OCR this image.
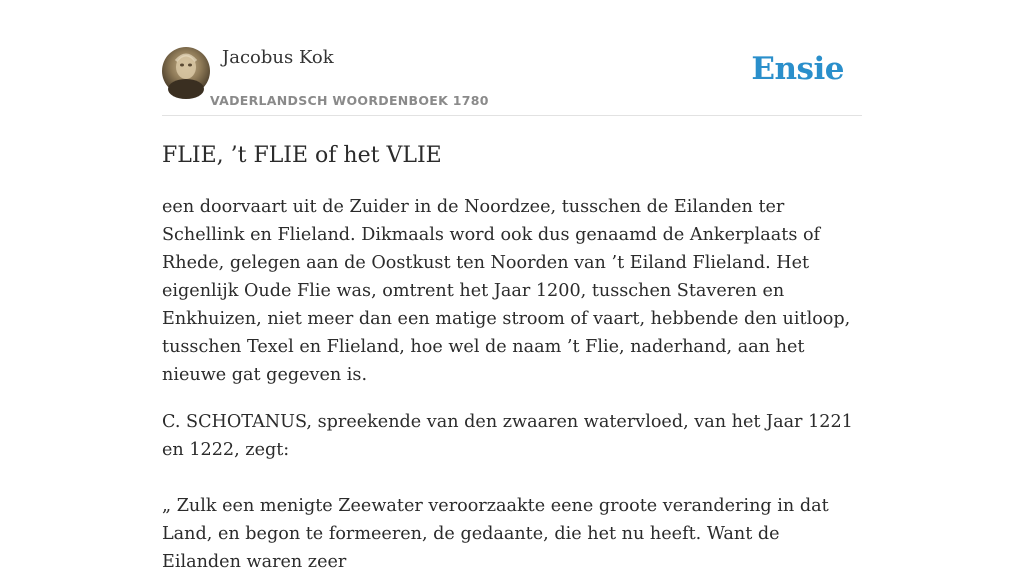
Jacobus Kok
VADERLANDSCH WOORDENBOEK 1780
Ensie
FLIE, ’t FLIE of het VLIE

een doorvaart uit de Zuider in de Noordzee, tusschen de Eilanden ter Schellink en Flieland. Dikmaals word ook dus genaamd de Ankerplaats of Rhede, gelegen aan de Oostkust ten Noorden van ’t Eiland Flieland. Het eigenlijk Oude Flie was, omtrent het Jaar 1200, tusschen Staveren en Enkhuizen, niet meer dan een matige stroom of vaart, hebbende den uitloop, tusschen Texel en Flieland, hoe wel de naam ’t Flie, naderhand, aan het nieuwe gat gegeven is.

C. SCHOTANUS, spreekende van den zwaaren watervloed, van het Jaar 1221 en 1222, zegt:

„ Zulk een menigte Zeewater veroorzaakte eene groote verandering in dat Land, en begon te formeeren, de gedaante, die het nu heeft. Want de Eilanden waren zeer
